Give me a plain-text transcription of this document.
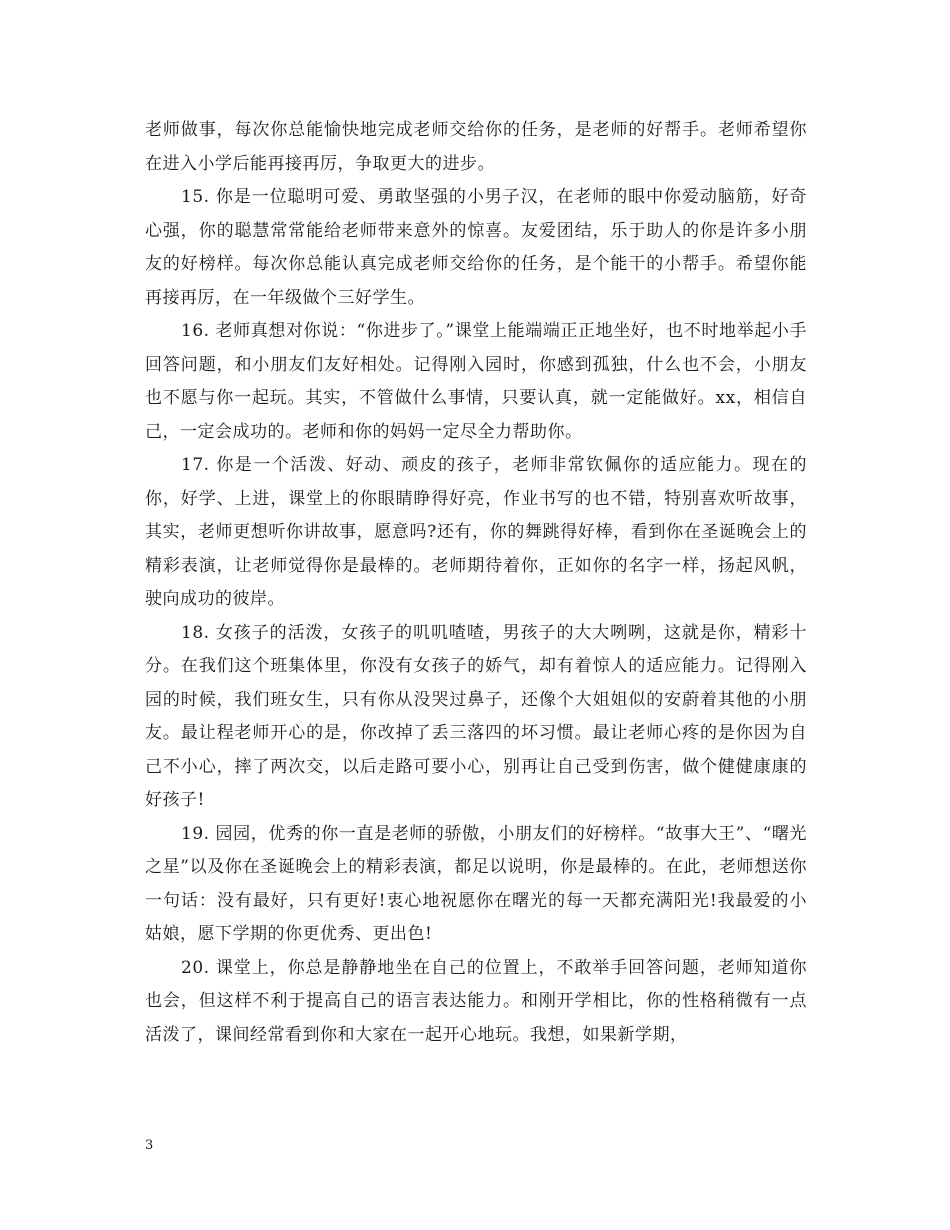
老师做事，每次你总能愉快地完成老师交给你的任务，是老师的好帮手。老师希望你在进入小学后能再接再厉，争取更大的进步。

15. 你是一位聪明可爱、勇敢坚强的小男子汉，在老师的眼中你爱动脑筋，好奇心强，你的聪慧常常能给老师带来意外的惊喜。友爱团结，乐于助人的你是许多小朋友的好榜样。每次你总能认真完成老师交给你的任务，是个能干的小帮手。希望你能再接再厉，在一年级做个三好学生。

16. 老师真想对你说：“你进步了。”课堂上能端端正正地坐好，也不时地举起小手回答问题，和小朋友们友好相处。记得刚入园时，你感到孤独，什么也不会，小朋友也不愿与你一起玩。其实，不管做什么事情，只要认真，就一定能做好。xx，相信自己，一定会成功的。老师和你的妈妈一定尽全力帮助你。

17. 你是一个活泼、好动、顽皮的孩子，老师非常钦佩你的适应能力。现在的你，好学、上进，课堂上的你眼睛睁得好亮，作业书写的也不错，特别喜欢听故事，其实，老师更想听你讲故事，愿意吗?还有，你的舞跳得好棒，看到你在圣诞晚会上的精彩表演，让老师觉得你是最棒的。老师期待着你，正如你的名字一样，扬起风帆，驶向成功的彼岸。

18. 女孩子的活泼，女孩子的叽叽喳喳，男孩子的大大咧咧，这就是你，精彩十分。在我们这个班集体里，你没有女孩子的娇气，却有着惊人的适应能力。记得刚入园的时候，我们班女生，只有你从没哭过鼻子，还像个大姐姐似的安蔚着其他的小朋友。最让程老师开心的是，你改掉了丢三落四的坏习惯。最让老师心疼的是你因为自己不小心，摔了两次交，以后走路可要小心，别再让自己受到伤害，做个健健康康的好孩子!

19. 园园，优秀的你一直是老师的骄傲，小朋友们的好榜样。“故事大王”、“曙光之星”以及你在圣诞晚会上的精彩表演，都足以说明，你是最棒的。在此，老师想送你一句话：没有最好，只有更好!衷心地祝愿你在曙光的每一天都充满阳光!我最爱的小姑娘，愿下学期的你更优秀、更出色!

20. 课堂上，你总是静静地坐在自己的位置上，不敢举手回答问题，老师知道你也会，但这样不利于提高自己的语言表达能力。和刚开学相比，你的性格稍微有一点活泼了，课间经常看到你和大家在一起开心地玩。我想，如果新学期，

3
